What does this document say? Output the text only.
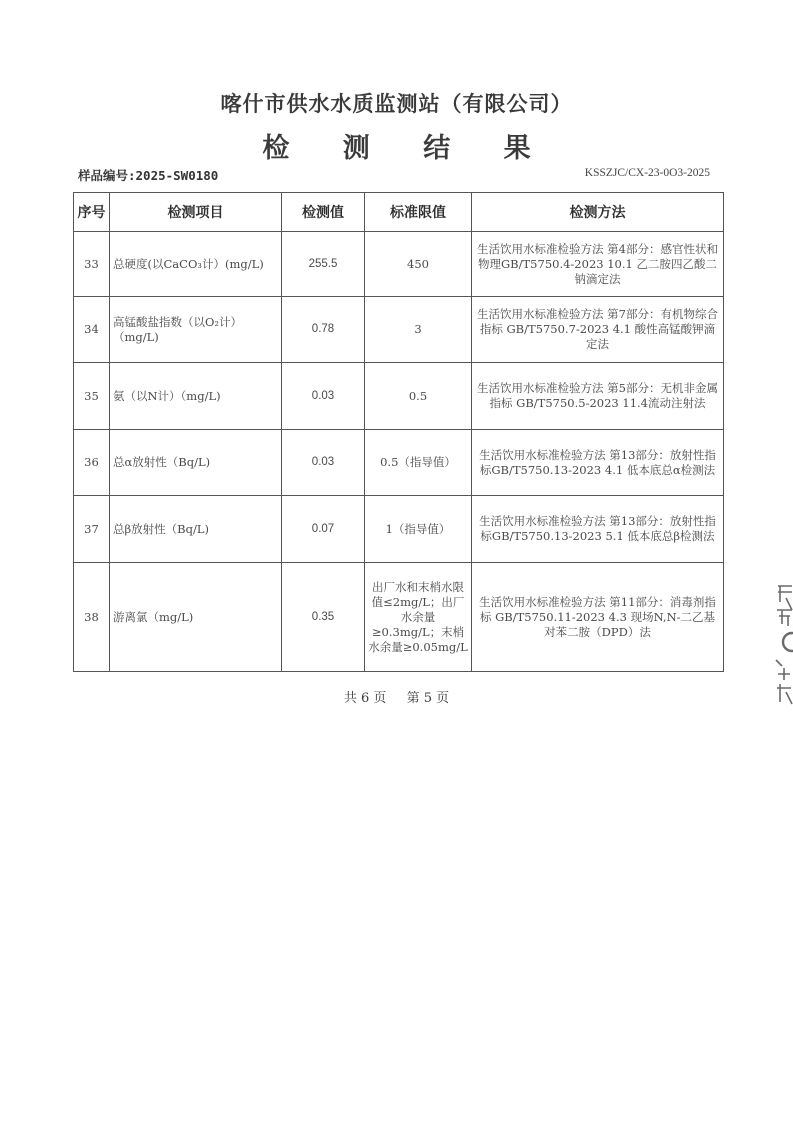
喀什市供水水质监测站（有限公司）
检 测 结 果
样品编号:2025-SW0180	KSSZJC/CX-23-0O3-2025
序号	检测项目	检测值	标准限值	检测方法
33	总硬度(以CaCO₃计）(mg/L)	255.5	450	生活饮用水标准检验方法 第4部分：感官性状和物理GB/T5750.4-2023 10.1 乙二胺四乙酸二钠滴定法
34	高锰酸盐指数（以O₂计）（mg/L)	0.78	3	生活饮用水标准检验方法 第7部分：有机物综合指标 GB/T5750.7-2023 4.1 酸性高锰酸钾滴定法
35	氨（以N计）（mg/L)	0.03	0.5	生活饮用水标准检验方法 第5部分：无机非金属指标 GB/T5750.5-2023 11.4流动注射法
36	总α放射性（Bq/L)	0.03	0.5（指导值）	生活饮用水标准检验方法 第13部分：放射性指标GB/T5750.13-2023 4.1 低本底总α检测法
37	总β放射性（Bq/L)	0.07	1（指导值）	生活饮用水标准检验方法 第13部分：放射性指标GB/T5750.13-2023 5.1 低本底总β检测法
38	游离氯（mg/L)	0.35	出厂水和末梢水限值≤2mg/L；出厂水余量≥0.3mg/L；末梢水余量≥0.05mg/L	生活饮用水标准检验方法 第11部分：消毒剂指标 GB/T5750.11-2023 4.3 现场N,N-二乙基对苯二胺（DPD）法
共 6 页 第 5 页
